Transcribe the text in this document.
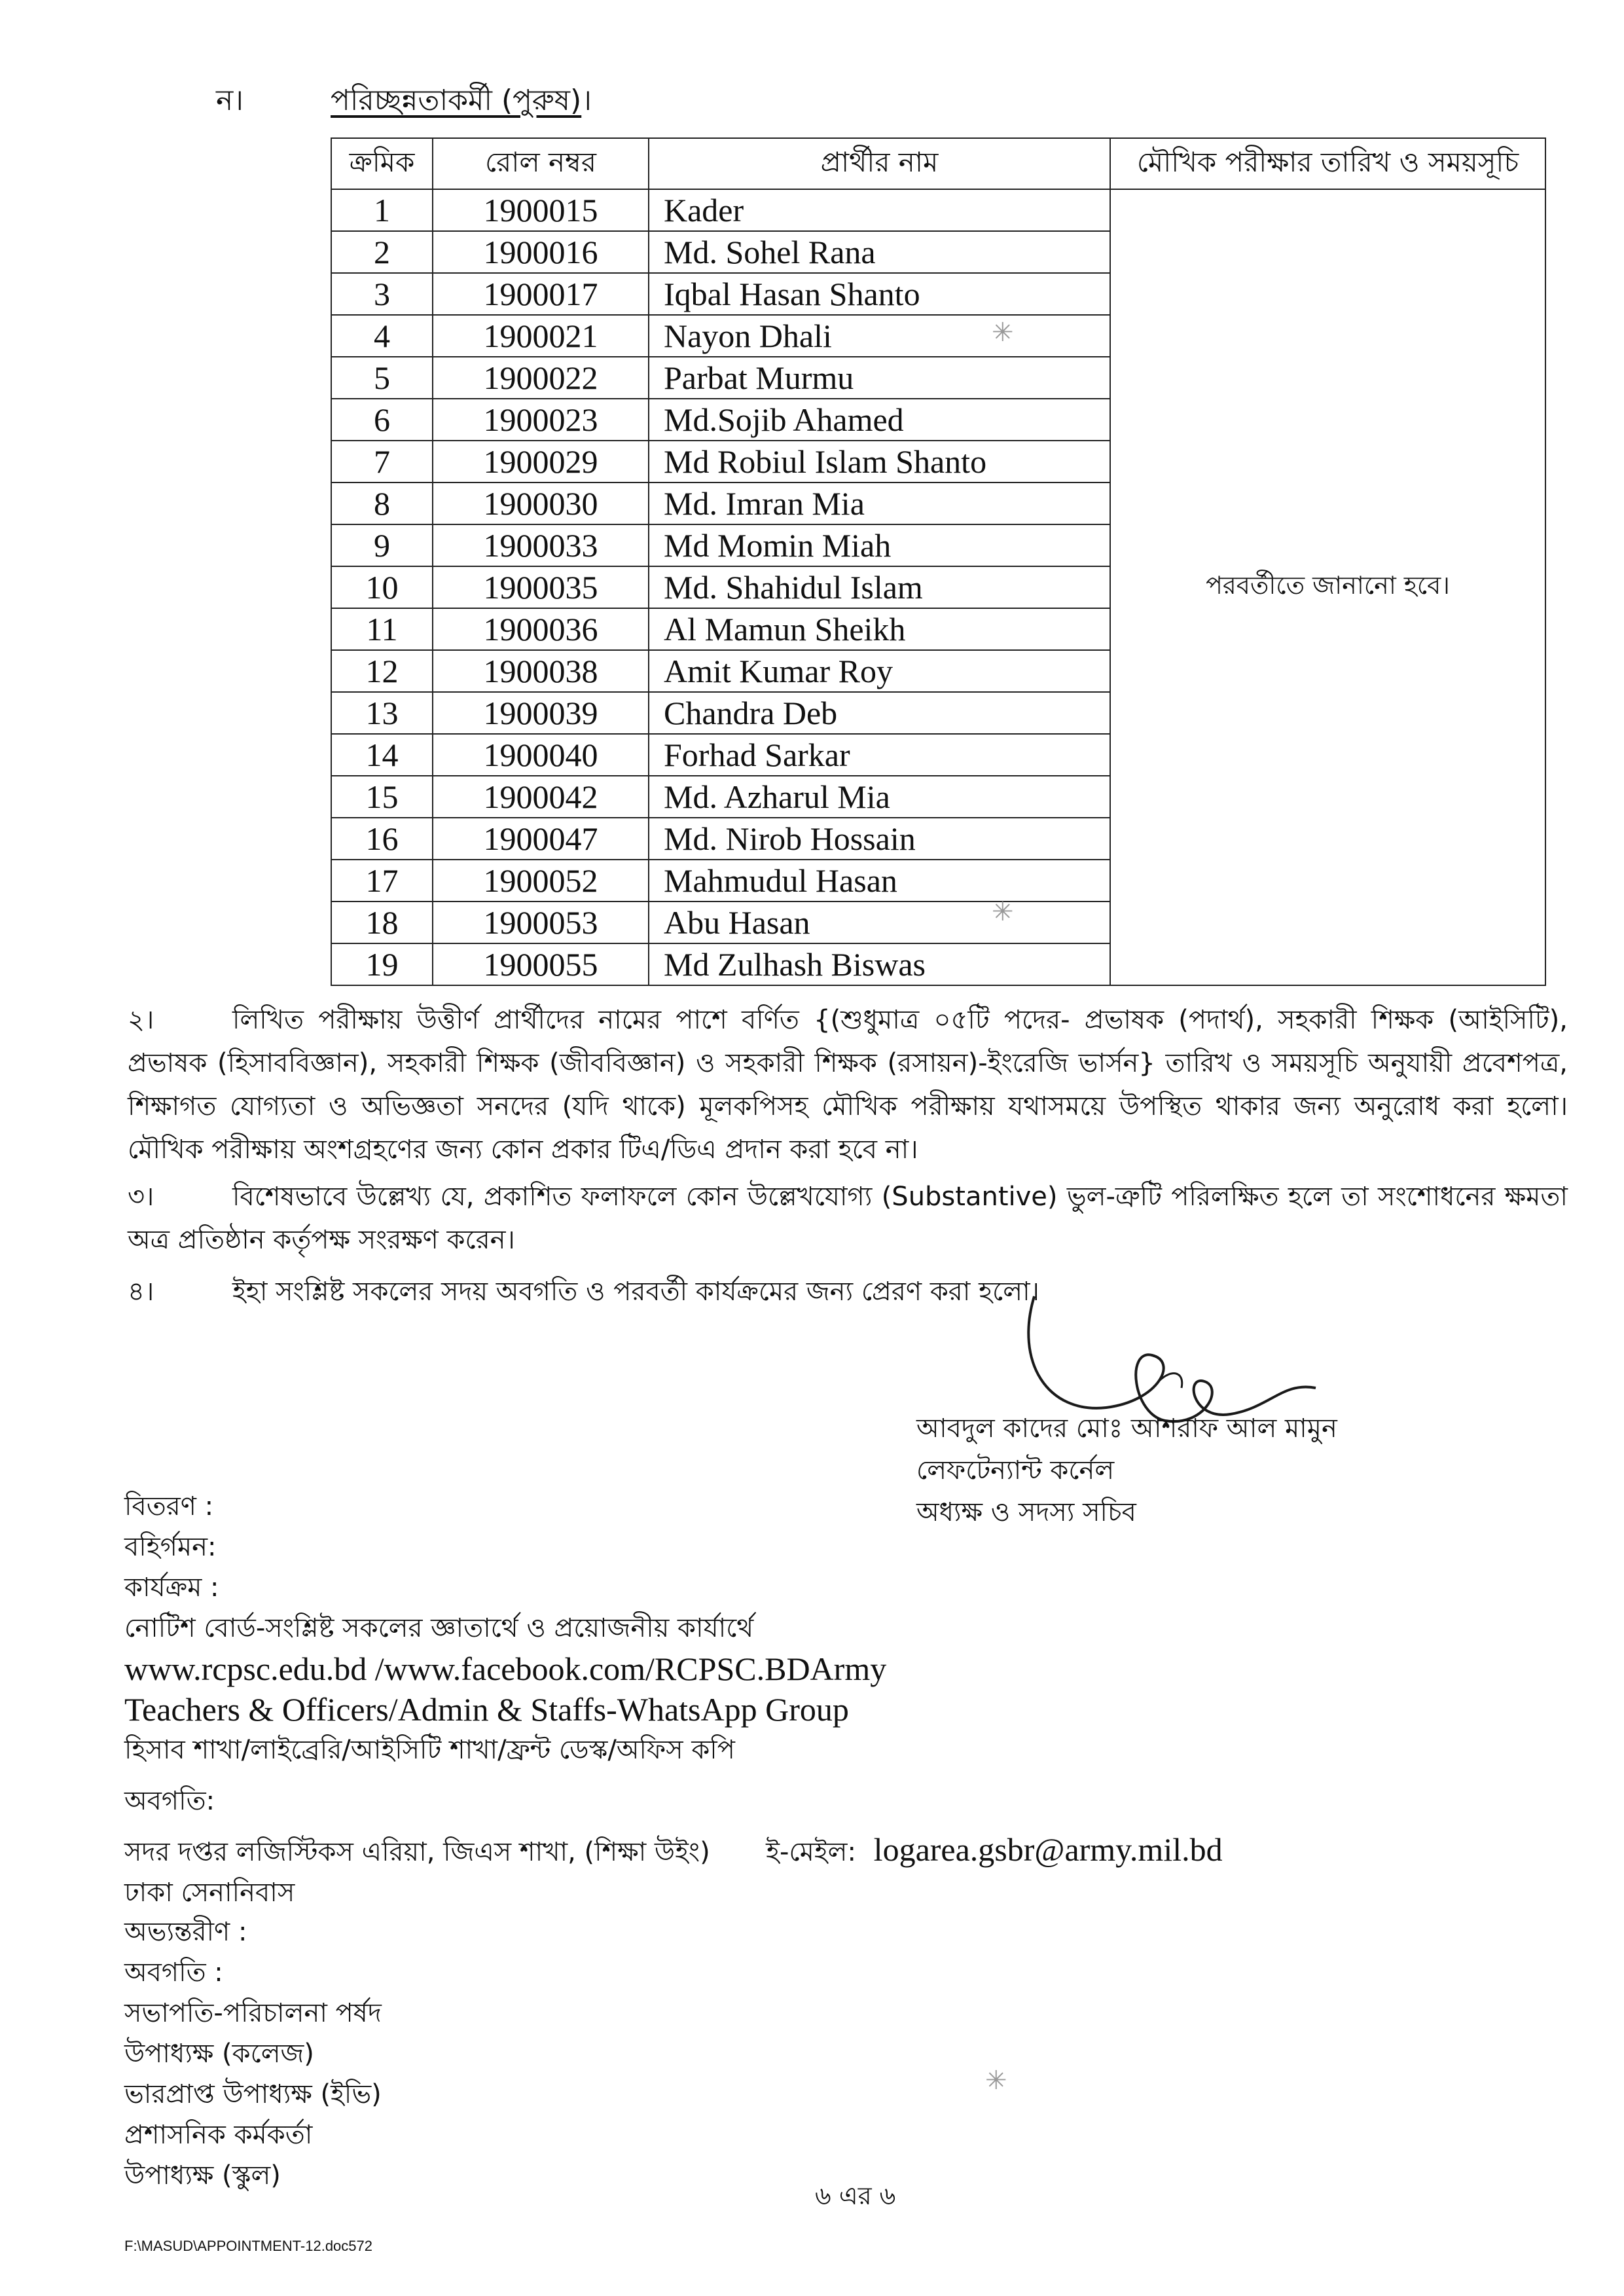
ন।	পরিচ্ছন্নতাকর্মী (পুরুষ)।
ক্রমিক	রোল নম্বর	প্রার্থীর নাম	মৌখিক পরীক্ষার তারিখ ও সময়সূচি
1	1900015	Kader	পরবর্তীতে জানানো হবে।
2	1900016	Md. Sohel Rana	
3	1900017	Iqbal Hasan Shanto	
4	1900021	Nayon Dhali	
5	1900022	Parbat Murmu	
6	1900023	Md.Sojib Ahamed	
7	1900029	Md Robiul Islam Shanto	
8	1900030	Md. Imran Mia	
9	1900033	Md Momin Miah	
10	1900035	Md. Shahidul Islam	
11	1900036	Al Mamun Sheikh	
12	1900038	Amit Kumar Roy	
13	1900039	Chandra Deb	
14	1900040	Forhad Sarkar	
15	1900042	Md. Azharul Mia	
16	1900047	Md. Nirob Hossain	
17	1900052	Mahmudul Hasan	
18	1900053	Abu Hasan	
19	1900055	Md Zulhash Biswas	
২।	লিখিত পরীক্ষায় উত্তীর্ণ প্রার্থীদের নামের পাশে বর্ণিত {(শুধুমাত্র ০৫টি পদের- প্রভাষক (পদার্থ), সহকারী শিক্ষক (আইসিটি), প্রভাষক (হিসাববিজ্ঞান), সহকারী শিক্ষক (জীববিজ্ঞান) ও সহকারী শিক্ষক (রসায়ন)-ইংরেজি ভার্সন} তারিখ ও সময়সূচি অনুযায়ী প্রবেশপত্র, শিক্ষাগত যোগ্যতা ও অভিজ্ঞতা সনদের (যদি থাকে) মূলকপিসহ মৌখিক পরীক্ষায় যথাসময়ে উপস্থিত থাকার জন্য অনুরোধ করা হলো। মৌখিক পরীক্ষায় অংশগ্রহণের জন্য কোন প্রকার টিএ/ডিএ প্রদান করা হবে না।
৩।	বিশেষভাবে উল্লেখ্য যে, প্রকাশিত ফলাফলে কোন উল্লেখযোগ্য (Substantive) ভুল-ত্রুটি পরিলক্ষিত হলে তা সংশোধনের ক্ষমতা অত্র প্রতিষ্ঠান কর্তৃপক্ষ সংরক্ষণ করেন।
৪।	ইহা সংশ্লিষ্ট সকলের সদয় অবগতি ও পরবর্তী কার্যক্রমের জন্য প্রেরণ করা হলো।
আবদুল কাদের মোঃ আশরাফ আল মামুন
লেফটেন্যান্ট কর্নেল
অধ্যক্ষ ও সদস্য সচিব
বিতরণ :
বহির্গমন:
কার্যক্রম :
নোটিশ বোর্ড-সংশ্লিষ্ট সকলের জ্ঞাতার্থে ও প্রয়োজনীয় কার্যার্থে
www.rcpsc.edu.bd /www.facebook.com/RCPSC.BDArmy
Teachers & Officers/Admin & Staffs-WhatsApp Group
হিসাব শাখা/লাইব্রেরি/আইসিটি শাখা/ফ্রন্ট ডেস্ক/অফিস কপি
অবগতি:
সদর দপ্তর লজিস্টিকস এরিয়া, জিএস শাখা, (শিক্ষা উইং) ই-মেইল: logarea.gsbr@army.mil.bd
ঢাকা সেনানিবাস
অভ্যন্তরীণ :
অবগতি :
সভাপতি-পরিচালনা পর্ষদ
উপাধ্যক্ষ (কলেজ)
ভারপ্রাপ্ত উপাধ্যক্ষ (ইভি)
প্রশাসনিক কর্মকর্তা
উপাধ্যক্ষ (স্কুল)
৬ এর ৬
F:\MASUD\APPOINTMENT-12.doc572
✳
✳
✳
